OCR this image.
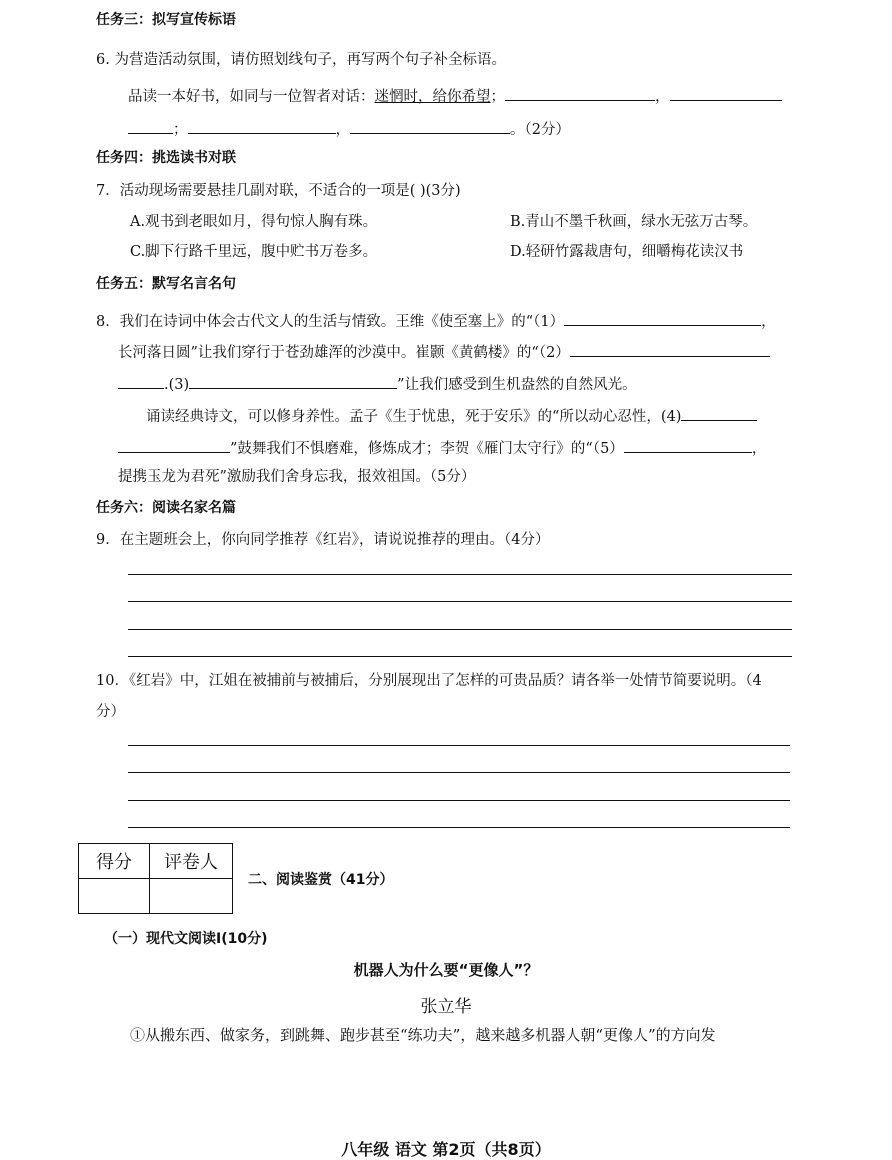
任务三：拟写宣传标语
6. 为营造活动氛围，请仿照划线句子，再写两个句子补全标语。
品读一本好书，如同与一位智者对话：迷惘时，给你希望；	，
；	，	。（2分）
任务四：挑选读书对联
7．活动现场需要悬挂几副对联，不适合的一项是( )(3分)
A.观书到老眼如月，得句惊人胸有珠。	B.青山不墨千秋画，绿水无弦万古琴。
C.脚下行路千里远，腹中贮书万卷多。	D.轻研竹露裁唐句，细嚼梅花读汉书
任务五：默写名言名句
8．我们在诗词中体会古代文人的生活与情致。王维《使至塞上》的“（1）	，
长河落日圆”让我们穿行于苍劲雄浑的沙漠中。崔颢《黄鹤楼》的“（2）
.(3)	”让我们感受到生机盎然的自然风光。
诵读经典诗文，可以修身养性。孟子《生于忧患，死于安乐》的“所以动心忍性，(4)
”鼓舞我们不惧磨难，修炼成才；李贺《雁门太守行》的“（5）	，
提携玉龙为君死”激励我们舍身忘我，报效祖国。（5分）
任务六：阅读名家名篇
9．在主题班会上，你向同学推荐《红岩》，请说说推荐的理由。（4分）
10．《红岩》中，江姐在被捕前与被捕后，分别展现出了怎样的可贵品质？请各举一处情节简要说明。（4
分）
得分	评卷人

二、阅读鉴赏（41分）
（一）现代文阅读Ⅰ(10分)
机器人为什么要“更像人”？
张立华
①从搬东西、做家务，到跳舞、跑步甚至“练功夫”，越来越多机器人朝“更像人”的方向发
八年级 语文 第2页（共8页）
